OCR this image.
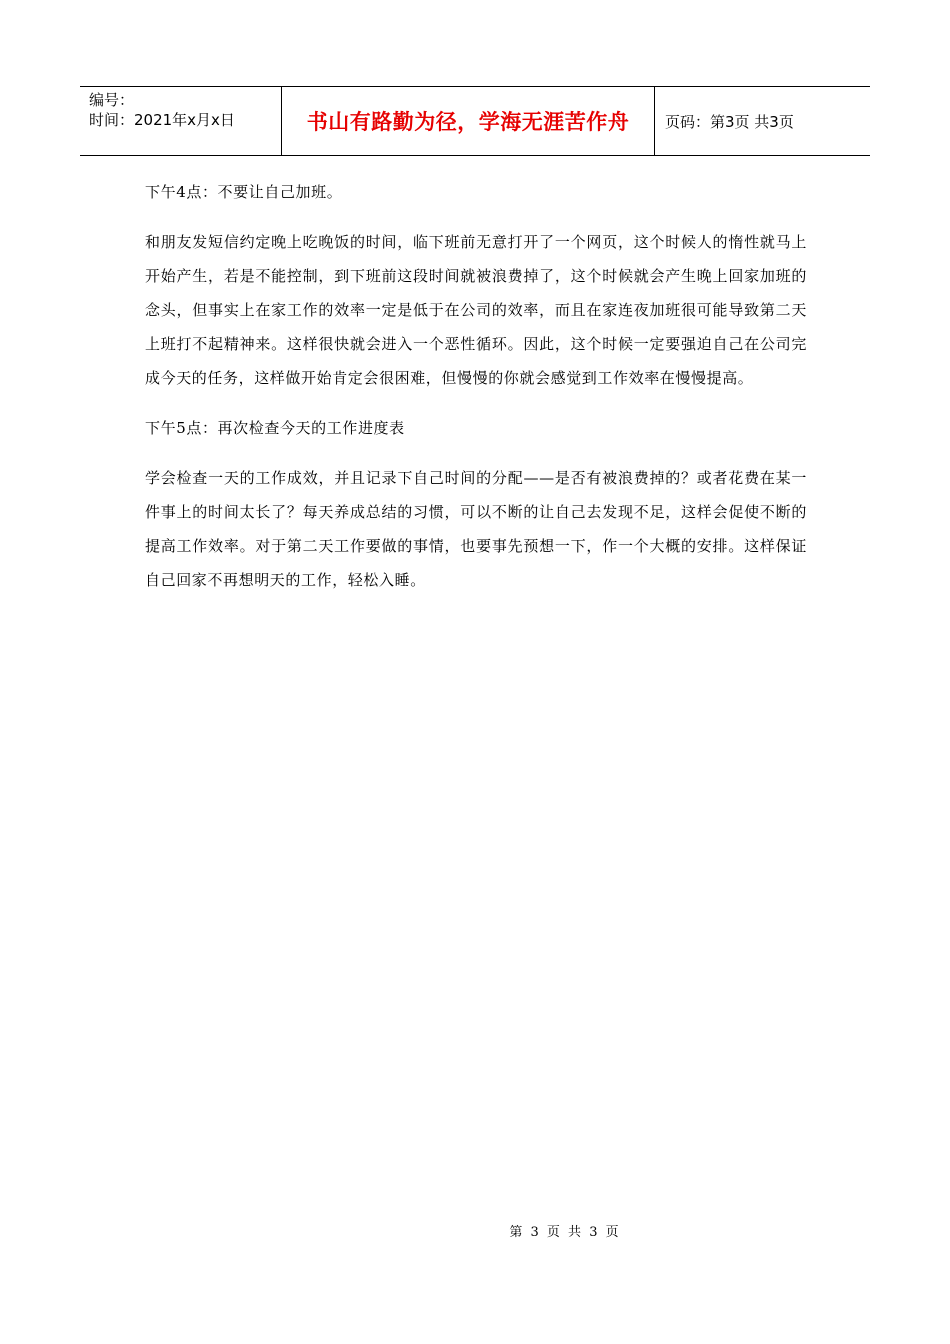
编号：
时间：2021年x月x日	书山有路勤为径，学海无涯苦作舟 页码：第3页 共3页

下午4点：不要让自己加班。

和朋友发短信约定晚上吃晚饭的时间，临下班前无意打开了一个网页，这个时候人的惰性就马上开始产生，若是不能控制，到下班前这段时间就被浪费掉了，这个时候就会产生晚上回家加班的念头，但事实上在家工作的效率一定是低于在公司的效率，而且在家连夜加班很可能导致第二天上班打不起精神来。这样很快就会进入一个恶性循环。因此，这个时候一定要强迫自己在公司完成今天的任务，这样做开始肯定会很困难，但慢慢的你就会感觉到工作效率在慢慢提高。

下午5点：再次检查今天的工作进度表

学会检查一天的工作成效，并且记录下自己时间的分配——是否有被浪费掉的？或者花费在某一件事上的时间太长了？每天养成总结的习惯，可以不断的让自己去发现不足，这样会促使不断的提高工作效率。对于第二天工作要做的事情，也要事先预想一下，作一个大概的安排。这样保证自己回家不再想明天的工作，轻松入睡。

第 3 页 共 3 页
